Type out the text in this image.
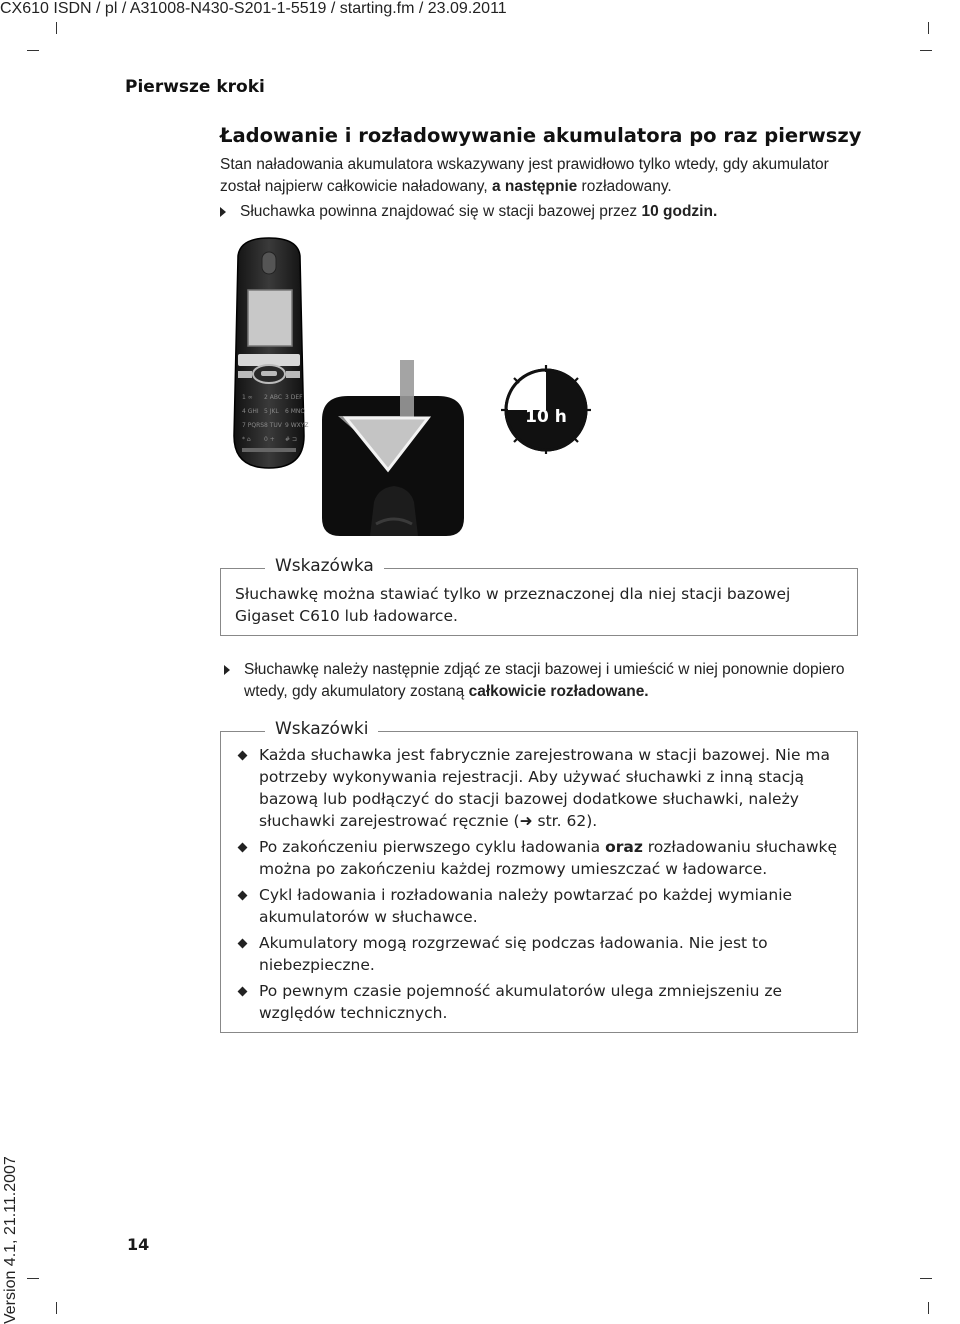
CX610 ISDN / pl / A31008-N430-S201-1-5519 / starting.fm / 23.09.2011
Pierwsze kroki
Ładowanie i rozładowywanie akumulatora po raz pierwszy
Stan naładowania akumulatora wskazywany jest prawidłowo tylko wtedy, gdy akumulator został najpierw całkowicie naładowany, a następnie rozładowany.
Słuchawka powinna znajdować się w stacji bazowej przez 10 godzin.
1 ∞ 2 ABC 3 DEF
4 GHI 5 JKL 6 MNO
7 PQRS 8 TUV 9 WXYZ
* ⌂ 0 + # ⊐
10 h
Wskazówka
Słuchawkę można stawiać tylko w przeznaczonej dla niej stacji bazowej Gigaset C610 lub ładowarce.
Słuchawkę należy następnie zdjąć ze stacji bazowej i umieścić w niej ponownie dopiero wtedy, gdy akumulatory zostaną całkowicie rozładowane.
Wskazówki
Każda słuchawka jest fabrycznie zarejestrowana w stacji bazowej. Nie ma potrzeby wykonywania rejestracji. Aby używać słuchawki z inną stacją bazową lub podłączyć do stacji bazowej dodatkowe słuchawki, należy słuchawki zarejestrować ręcznie (➜ str. 62).
Po zakończeniu pierwszego cyklu ładowania oraz rozładowaniu słuchawkę można po zakończeniu każdej rozmowy umieszczać w ładowarce.
Cykl ładowania i rozładowania należy powtarzać po każdej wymianie akumulatorów w słuchawce.
Akumulatory mogą rozgrzewać się podczas ładowania. Nie jest to niebezpieczne.
Po pewnym czasie pojemność akumulatorów ulega zmniejszeniu ze względów technicznych.
14
Version 4.1, 21.11.2007
